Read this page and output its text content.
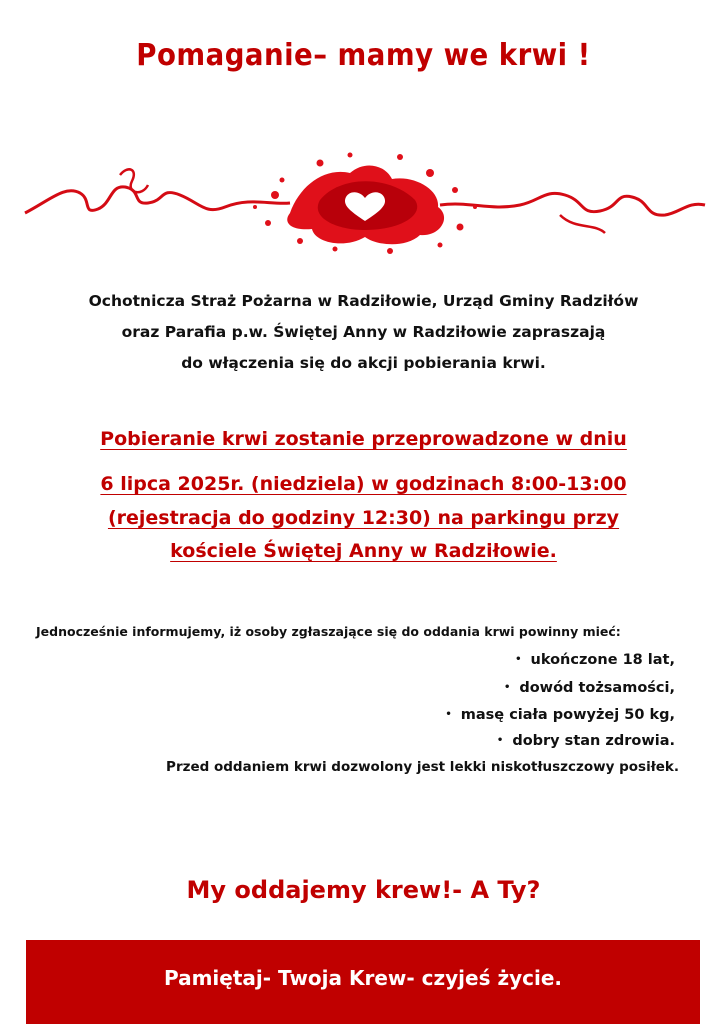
Pomaganie– mamy we krwi !
Ochotnicza Straż Pożarna w Radziłowie, Urząd Gminy Radziłów
oraz Parafia p.w. Świętej Anny w Radziłowie zapraszają
do włączenia się do akcji pobierania krwi.
Pobieranie krwi zostanie przeprowadzone w dniu
6 lipca 2025r. (niedziela) w godzinach 8:00-13:00
(rejestracja do godziny 12:30) na parkingu przy
kościele Świętej Anny w Radziłowie.
Jednocześnie informujemy, iż osoby zgłaszające się do oddania krwi powinny mieć:
• ukończone 18 lat,
• dowód tożsamości,
• masę ciała powyżej 50 kg,
• dobry stan zdrowia.
Przed oddaniem krwi dozwolony jest lekki niskotłuszczowy posiłek.
My oddajemy krew!- A Ty?
Pamiętaj- Twoja Krew- czyjeś życie.
